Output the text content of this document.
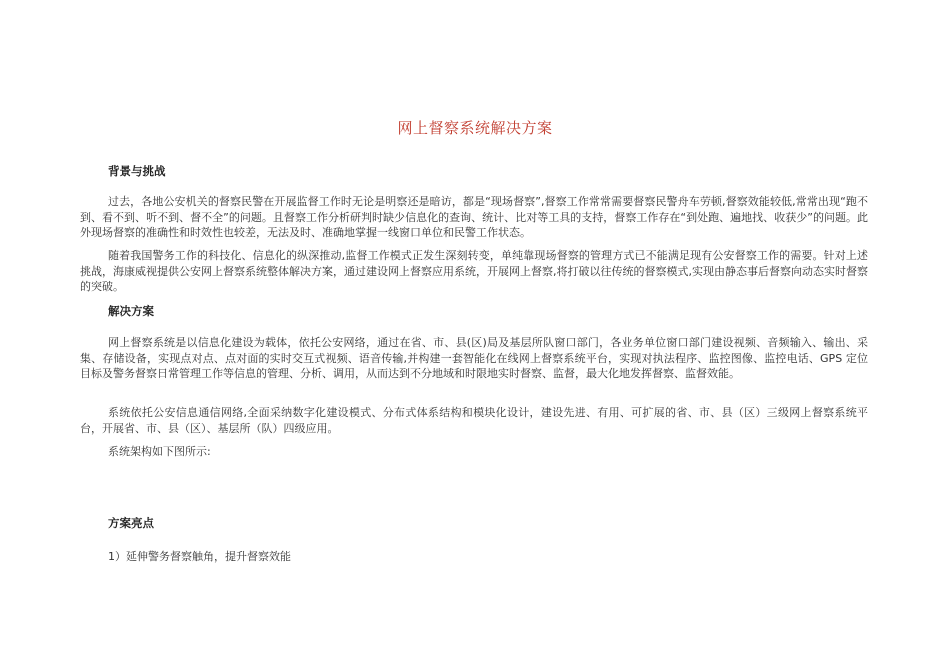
网上督察系统解决方案
背景与挑战

过去，各地公安机关的督察民警在开展监督工作时无论是明察还是暗访，都是“现场督察”,督察工作常常需要督察民警舟车劳顿,督察效能较低,常常出现“跑不到、看不到、听不到、督不全”的问题。且督察工作分析研判时缺少信息化的查询、统计、比对等工具的支持，督察工作存在“到处跑、遍地找、收获少”的问题。此外现场督察的准确性和时效性也较差，无法及时、准确地掌握一线窗口单位和民警工作状态。

随着我国警务工作的科技化、信息化的纵深推动,监督工作模式正发生深刻转变，单纯靠现场督察的管理方式已不能满足现有公安督察工作的需要。针对上述挑战，海康威视提供公安网上督察系统整体解决方案，通过建设网上督察应用系统，开展网上督察,将打破以往传统的督察模式,实现由静态事后督察向动态实时督察的突破。

解决方案

网上督察系统是以信息化建设为载体，依托公安网络，通过在省、市、县(区)局及基层所队窗口部门，各业务单位窗口部门建设视频、音频输入、输出、采集、存储设备，实现点对点、点对面的实时交互式视频、语音传输,并构建一套智能化在线网上督察系统平台，实现对执法程序、监控图像、监控电话、GPS 定位目标及警务督察日常管理工作等信息的管理、分析、调用，从而达到不分地域和时限地实时督察、监督，最大化地发挥督察、监督效能。

系统依托公安信息通信网络,全面采纳数字化建设模式、分布式体系结构和模块化设计，建设先进、有用、可扩展的省、市、县（区）三级网上督察系统平台，开展省、市、县（区）、基层所（队）四级应用。

系统架构如下图所示:
方案亮点
1）延伸警务督察触角，提升督察效能
